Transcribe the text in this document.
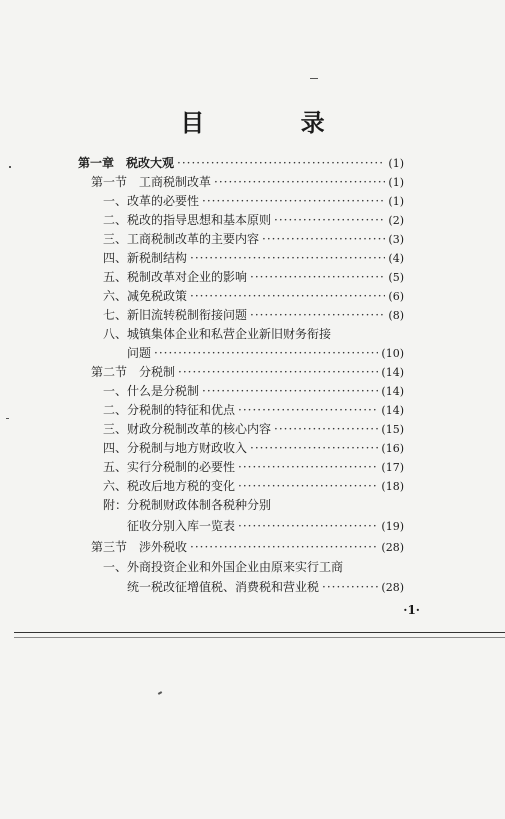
目 录
第一章　税改大观 ·····	(1)
第一节　工商税制改革 ·····	(1)
一、改革的必要性 ·····	(1)
二、税改的指导思想和基本原则 ·····	(2)
三、工商税制改革的主要内容 ·····	(3)
四、新税制结构 ·····	(4)
五、税制改革对企业的影响 ·····	(5)
六、减免税政策 ·····	(6)
七、新旧流转税制衔接问题 ·····	(8)
八、城镇集体企业和私营企业新旧财务衔接
问题 ·····	(10)
第二节　分税制 ·····	(14)
一、什么是分税制 ·····	(14)
二、分税制的特征和优点 ·····	(14)
三、财政分税制改革的核心内容 ·····	(15)
四、分税制与地方财政收入 ·····	(16)
五、实行分税制的必要性 ·····	(17)
六、税改后地方税的变化 ·····	(18)
附：分税制财政体制各税种分别
征收分别入库一览表 ·····	(19)
第三节　涉外税收 ·····	(28)
一、外商投资企业和外国企业由原来实行工商
统一税改征增值税、消费税和营业税 ·····	(28)
·1·
